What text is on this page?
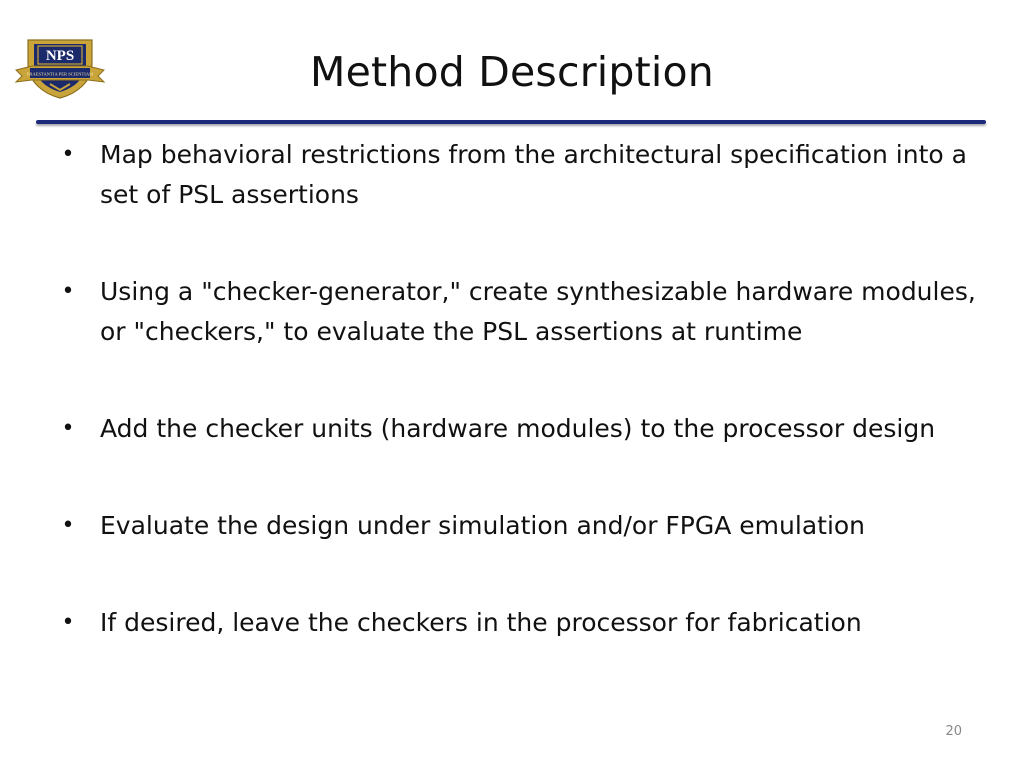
NPS
PRAESTANTIA PER SCIENTIAM	Method Description
• Map behavioral restrictions from the architectural specification into a set of PSL assertions
• Using a "checker-generator," create synthesizable hardware modules, or "checkers," to evaluate the PSL assertions at runtime
• Add the checker units (hardware modules) to the processor design
• Evaluate the design under simulation and/or FPGA emulation
• If desired, leave the checkers in the processor for fabrication
20
